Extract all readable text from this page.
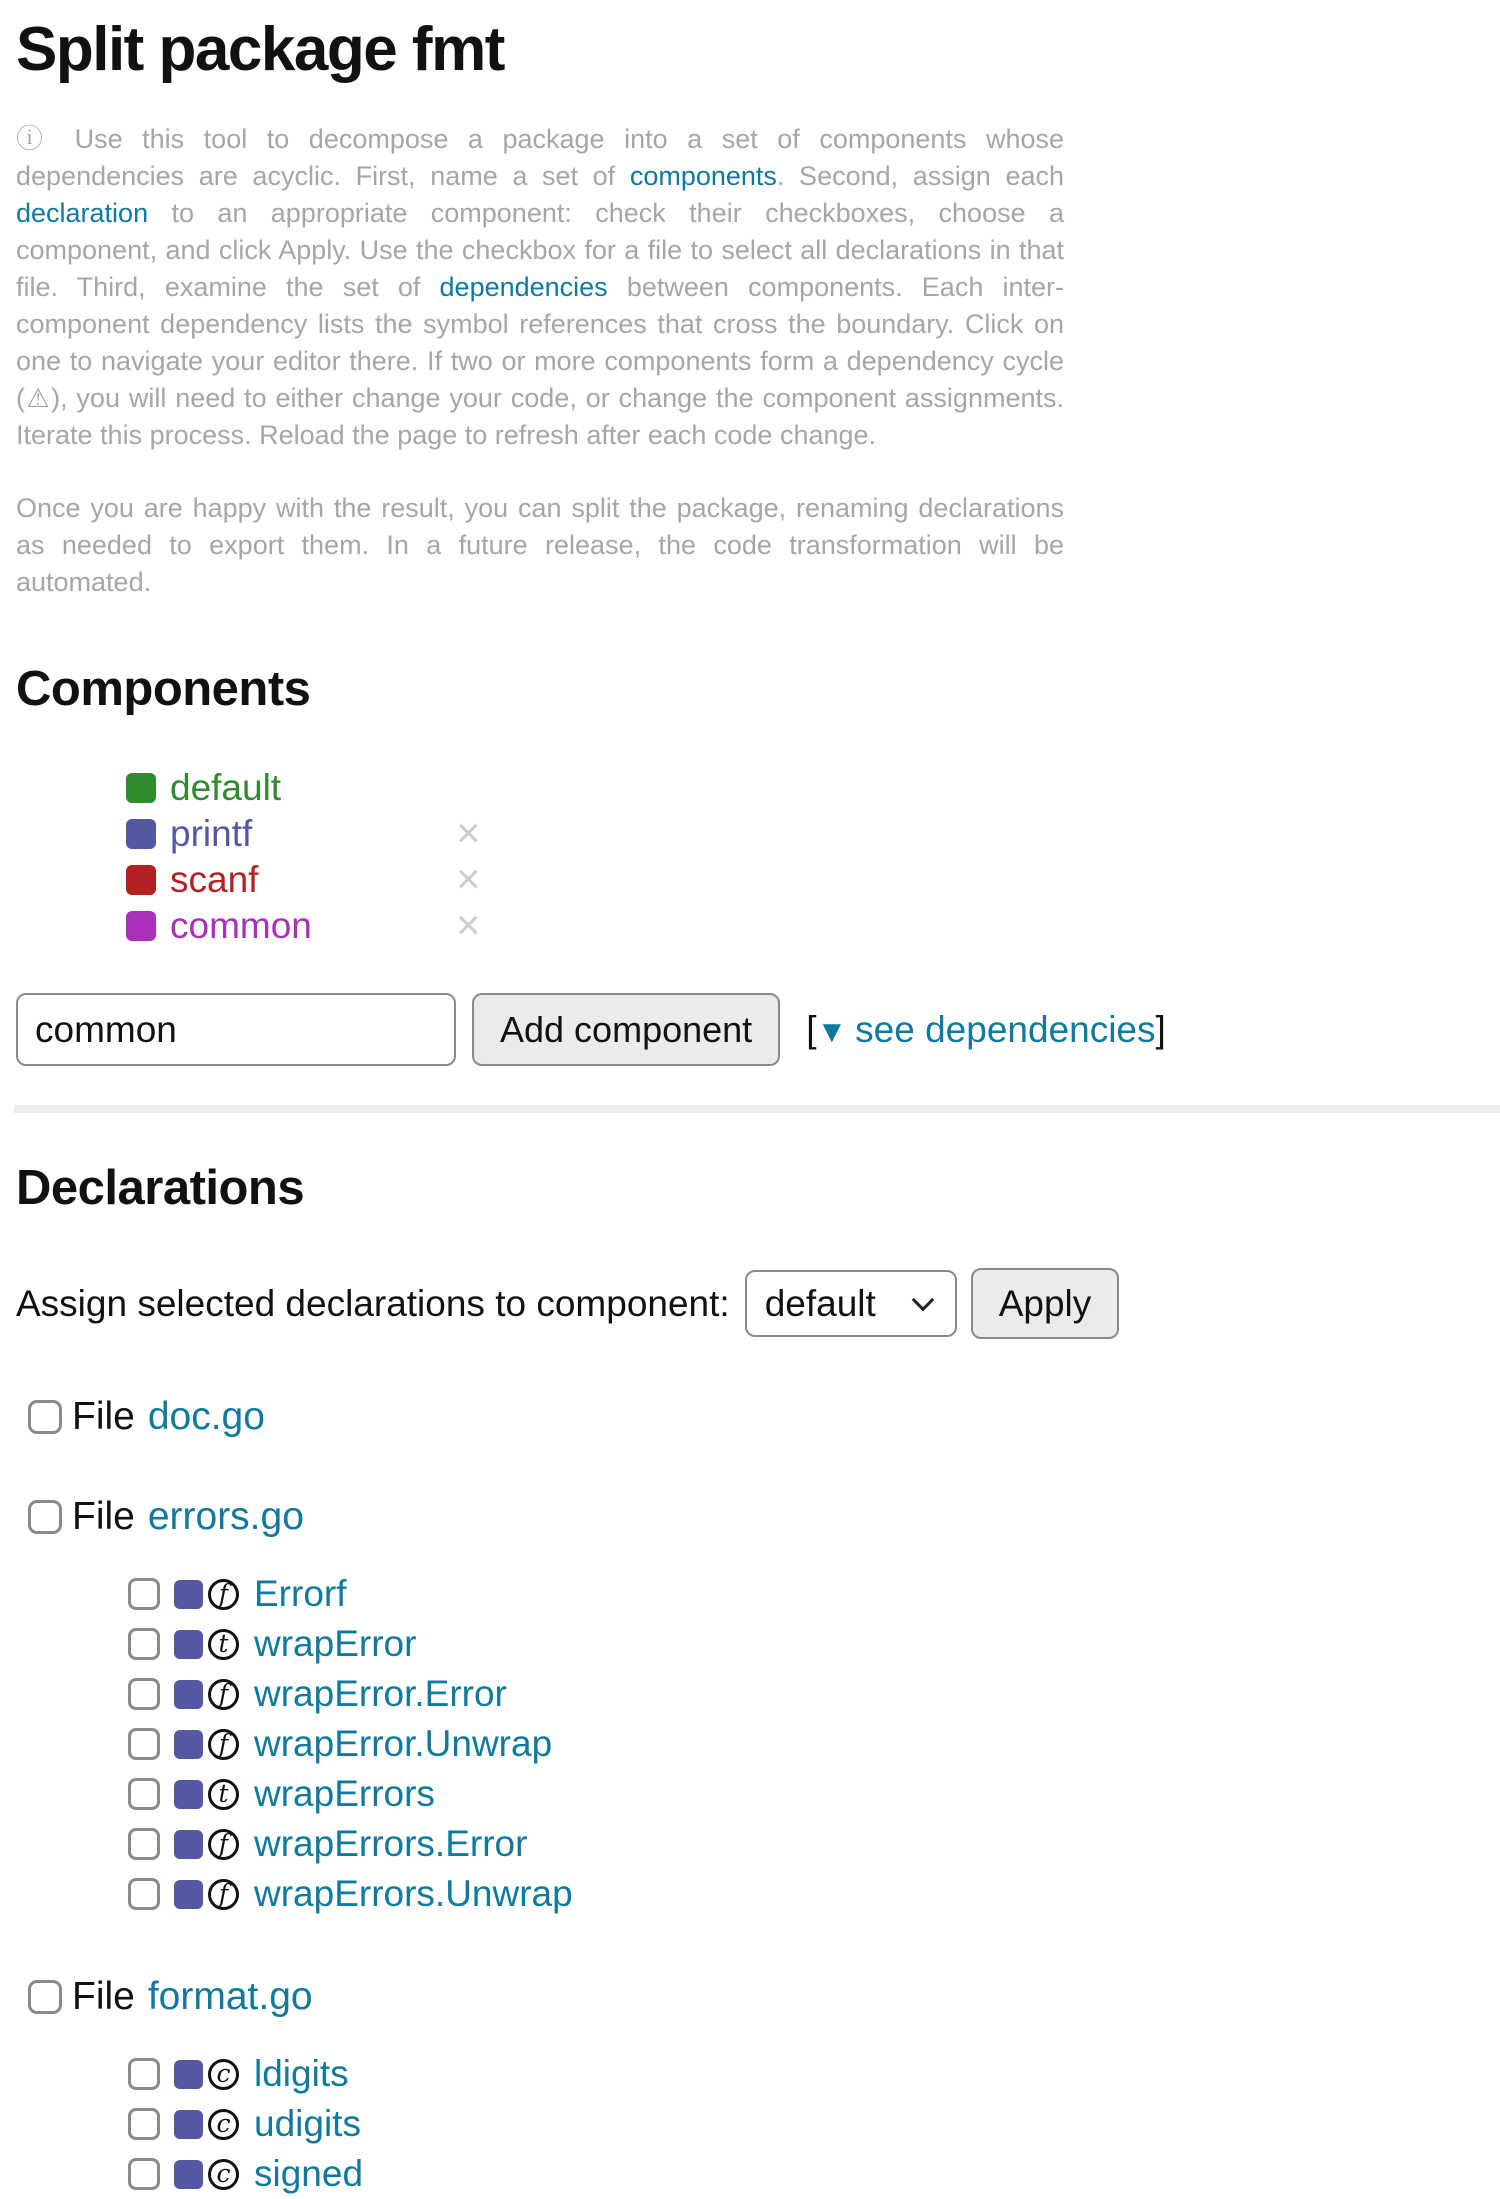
Split package fmt

ⓘ Use this tool to decompose a package into a set of components whose dependencies are acyclic. First, name a set of components. Second, assign each declaration to an appropriate component: check their checkboxes, choose a component, and click Apply. Use the checkbox for a file to select all declarations in that file. Third, examine the set of dependencies between components. Each inter-component dependency lists the symbol references that cross the boundary. Click on one to navigate your editor there. If two or more components form a dependency cycle (⚠), you will need to either change your code, or change the component assignments. Iterate this process. Reload the page to refresh after each code change.

Once you are happy with the result, you can split the package, renaming declarations as needed to export them. In a future release, the code transformation will be automated.

Components
default
printf	×
scanf	×
common	×
common
Add component	[▼ see dependencies]
Declarations
Assign selected declarations to component:
default	Apply
File doc.go
File errors.go
f Errorf
t wrapError
f wrapError.Error
f wrapError.Unwrap
t wrapErrors
f wrapErrors.Error
f wrapErrors.Unwrap
File format.go
c ldigits
c udigits
c signed
